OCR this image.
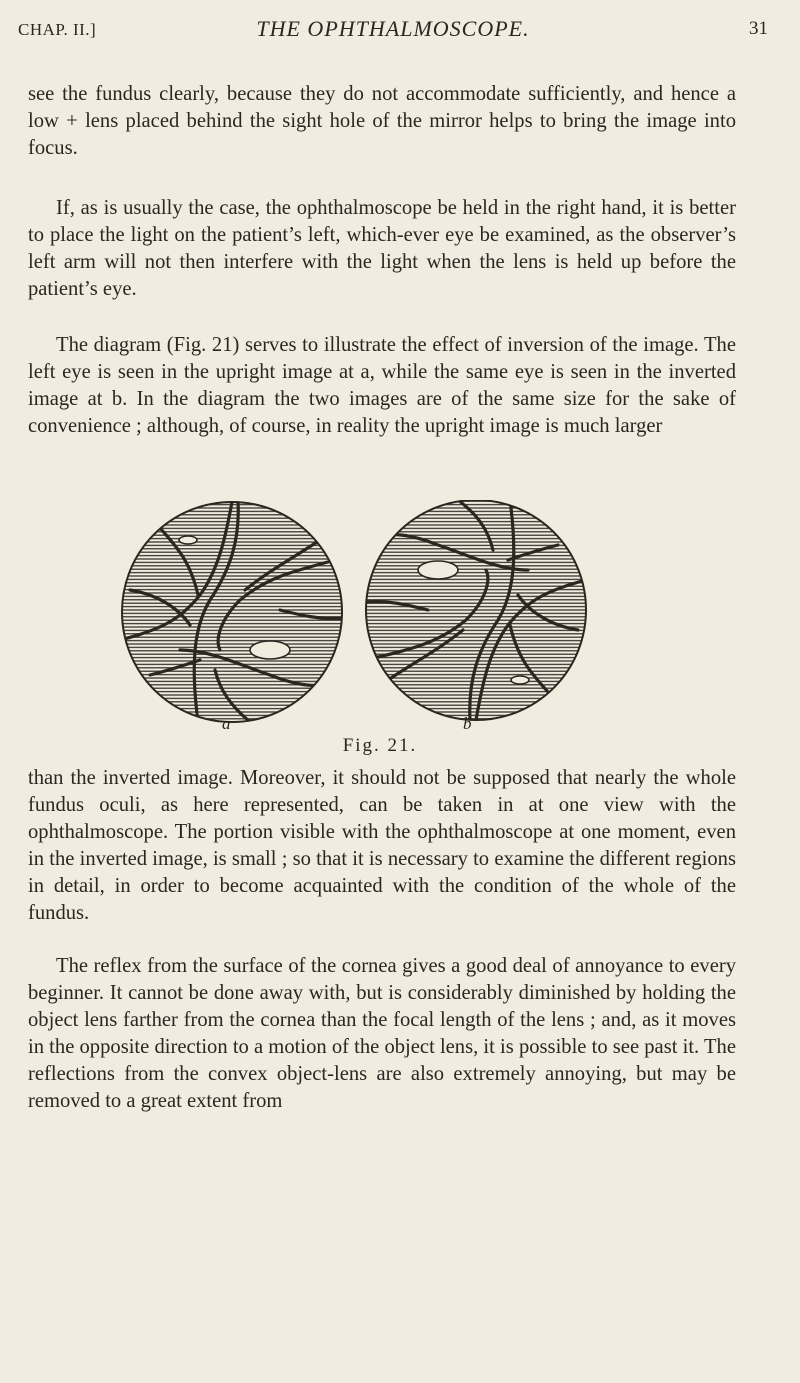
CHAP. II.]	THE OPHTHALMOSCOPE.	31

see the fundus clearly, because they do not accommodate sufficiently, and hence a low + lens placed behind the sight hole of the mirror helps to bring the image into focus.

If, as is usually the case, the ophthalmoscope be held in the right hand, it is better to place the light on the patient’s left, which-ever eye be examined, as the observer’s left arm will not then interfere with the light when the lens is held up before the patient’s eye.

The diagram (Fig. 21) serves to illustrate the effect of inversion of the image. The left eye is seen in the upright image at a, while the same eye is seen in the inverted image at b. In the diagram the two images are of the same size for the sake of convenience ; although, of course, in reality the upright image is much larger

a	b
Fig. 21.

than the inverted image. Moreover, it should not be supposed that nearly the whole fundus oculi, as here represented, can be taken in at one view with the ophthalmoscope. The portion visible with the ophthalmoscope at one moment, even in the inverted image, is small ; so that it is necessary to examine the different regions in detail, in order to become acquainted with the condition of the whole of the fundus.

The reflex from the surface of the cornea gives a good deal of annoyance to every beginner. It cannot be done away with, but is considerably diminished by holding the object lens farther from the cornea than the focal length of the lens ; and, as it moves in the opposite direction to a motion of the object lens, it is possible to see past it. The reflections from the convex object-lens are also extremely annoying, but may be removed to a great extent from
